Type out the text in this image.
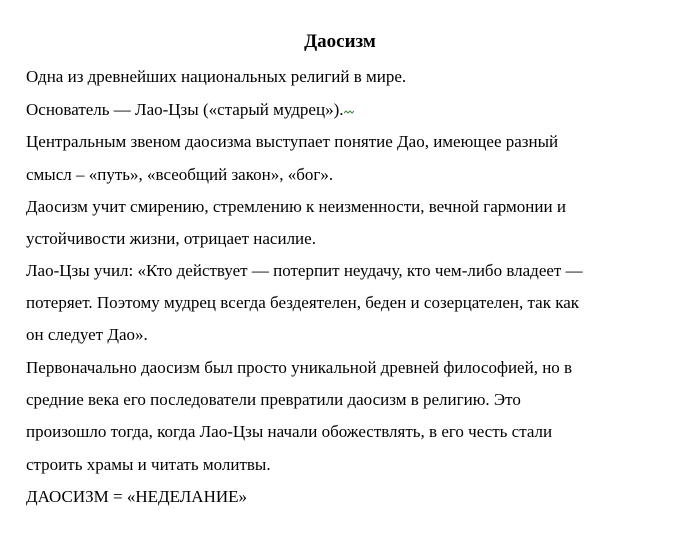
Даосизм
Одна из древнейших национальных религий в мире.
Основатель — Лао-Цзы («старый мудрец»).
Центральным звеном даосизма выступает понятие Дао, имеющее разный
смысл – «путь», «всеобщий закон», «бог».
Даосизм учит смирению, стремлению к неизменности, вечной гармонии и
устойчивости жизни, отрицает насилие.
Лао-Цзы учил: «Кто действует — потерпит неудачу, кто чем-либо владеет —
потеряет. Поэтому мудрец всегда бездеятелен, беден и созерцателен, так как
он следует Дао».
Первоначально даосизм был просто уникальной древней философией, но в
средние века его последователи превратили даосизм в религию. Это
произошло тогда, когда Лао-Цзы начали обожествлять, в его честь стали
строить храмы и читать молитвы.
ДАОСИЗМ = «НЕДЕЛАНИЕ»
